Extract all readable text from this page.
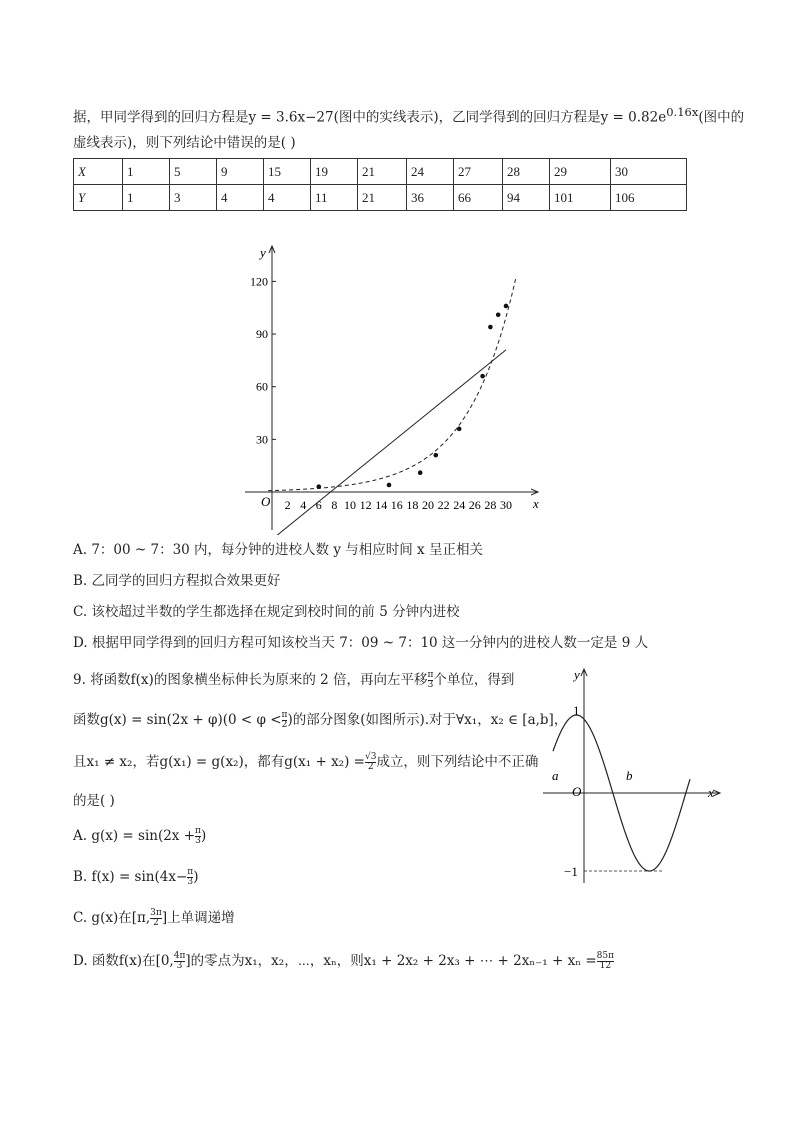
据，甲同学得到的回归方程是y = 3.6x−27(图中的实线表示)，乙同学得到的回归方程是$y = 0.82e^{0.16x}$(图中的
虚线表示)，则下列结论中错误的是( )
X	1	5	9	15	19	21	24	27	28	29	30
Y	1	3	4	4	11	21	36	66	94	101	106
2 4 6 8 10 12 14 16 18 20 22 24 26 28 30
30
60
90
120
y
x
O
A. 7：00 ~ 7：30 内，每分钟的进校人数 y 与相应时间 x 呈正相关
B. 乙同学的回归方程拟合效果更好
C. 该校超过半数的学生都选择在规定到校时间的前 5 分钟内进校
D. 根据甲同学得到的回归方程可知该校当天 7：09 ~ 7：10 这一分钟内的进校人数一定是 9 人
9. 将函数f(x)的图象横坐标伸长为原来的 2 倍，再向左平移 $\frac{\pi}{3}$ 个单位，得到
函数$g(x) = \sin(2x + \varphi)(0 < \varphi < \frac{\pi}{2}$ )的部分图象(如图所示).对于∀x₁，x₂ ∈ [a,b]，
且x₁ ≠ x₂，若g(x₁) = g(x₂)，都有$g(x_1 + x_2) = \frac{√3}{2}$ 成立，则下列结论中不正确
的是( )
A. $g(x) = \sin(2x + \frac{\pi}{3}$ )
B. $f(x) = \sin(4x- \frac{\pi}{3}$ )
C. g(x)在[π, $\frac{3\pi}{2}$ ]上单调递增
D. 函数f(x)在[0, $\frac{4\pi}{3}$ ]的零点为x₁，x₂，⋯，xₙ，则x₁ + 2x₂ + 2x₃ + ⋯ + $2x_{n-1} + x_n = \frac{85\pi}{12}$
y
x
O
1
−1
a	b
